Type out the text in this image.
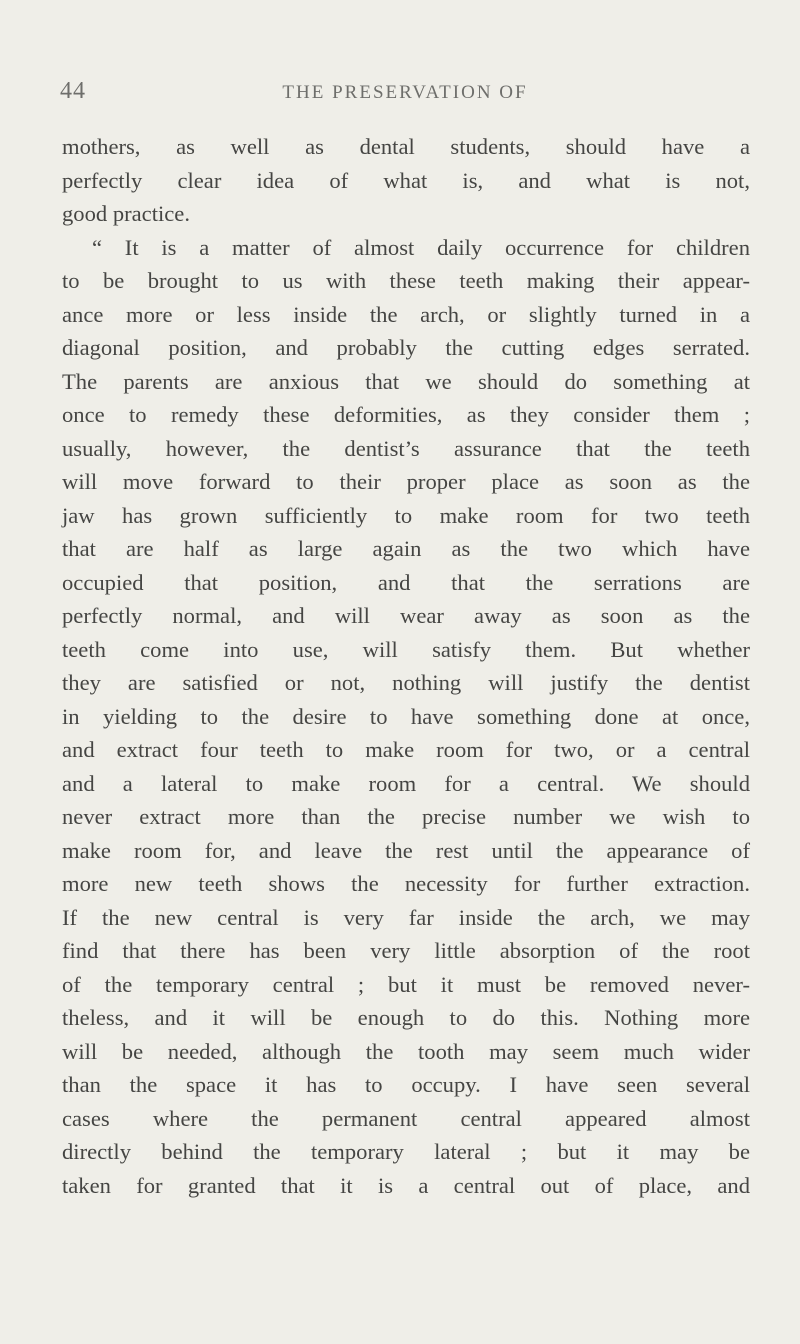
44	THE PRESERVATION OF
mothers, as well as dental students, should have a
perfectly clear idea of what is, and what is not,
good practice.
“ It is a matter of almost daily occurrence for children
to be brought to us with these teeth making their appear-
ance more or less inside the arch, or slightly turned in a
diagonal position, and probably the cutting edges serrated.
The parents are anxious that we should do something at
once to remedy these deformities, as they consider them ;
usually, however, the dentist’s assurance that the teeth
will move forward to their proper place as soon as the
jaw has grown sufficiently to make room for two teeth
that are half as large again as the two which have
occupied that position, and that the serrations are
perfectly normal, and will wear away as soon as the
teeth come into use, will satisfy them. But whether
they are satisfied or not, nothing will justify the dentist
in yielding to the desire to have something done at once,
and extract four teeth to make room for two, or a central
and a lateral to make room for a central. We should
never extract more than the precise number we wish to
make room for, and leave the rest until the appearance of
more new teeth shows the necessity for further extraction.
If the new central is very far inside the arch, we may
find that there has been very little absorption of the root
of the temporary central ; but it must be removed never-
theless, and it will be enough to do this. Nothing more
will be needed, although the tooth may seem much wider
than the space it has to occupy. I have seen several
cases where the permanent central appeared almost
directly behind the temporary lateral ; but it may be
taken for granted that it is a central out of place, and
